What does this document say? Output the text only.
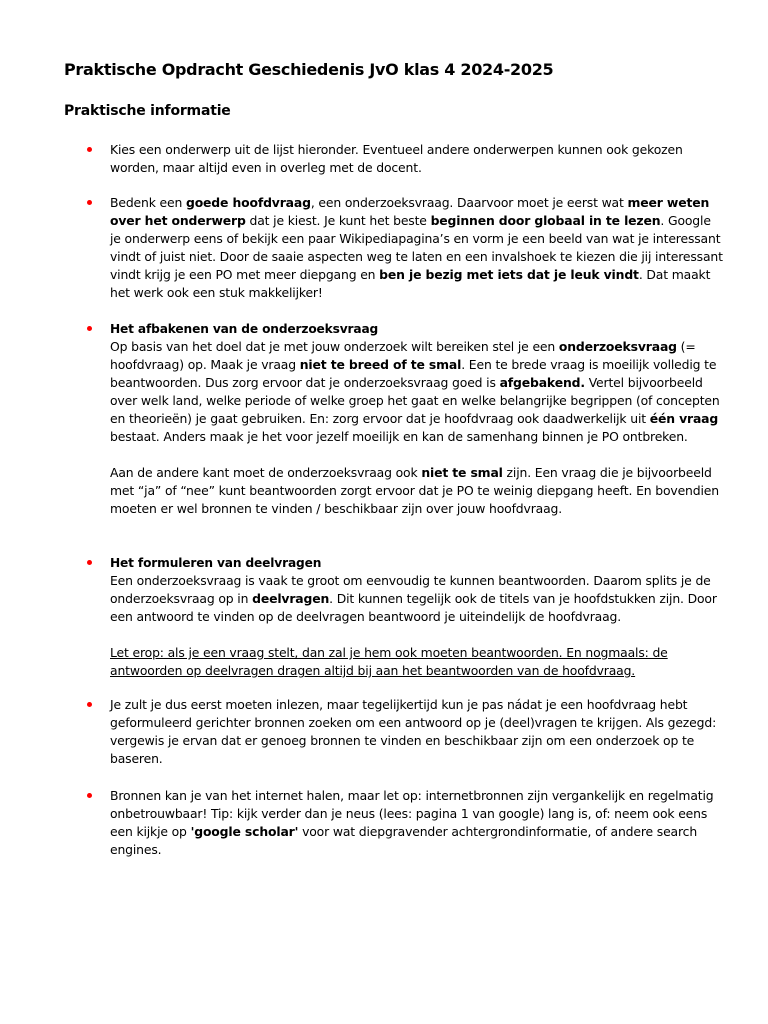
Praktische Opdracht Geschiedenis JvO klas 4 2024-2025
Praktische informatie

Kies een onderwerp uit de lijst hieronder. Eventueel andere onderwerpen kunnen ook gekozen worden, maar altijd even in overleg met de docent.

Bedenk een goede hoofdvraag, een onderzoeksvraag. Daarvoor moet je eerst wat meer weten over het onderwerp dat je kiest. Je kunt het beste beginnen door globaal in te lezen. Google je onderwerp eens of bekijk een paar Wikipediapagina’s en vorm je een beeld van wat je interessant vindt of juist niet. Door de saaie aspecten weg te laten en een invalshoek te kiezen die jij interessant vindt krijg je een PO met meer diepgang en ben je bezig met iets dat je leuk vindt. Dat maakt het werk ook een stuk makkelijker!

Het afbakenen van de onderzoeksvraag

Op basis van het doel dat je met jouw onderzoek wilt bereiken stel je een onderzoeksvraag (= hoofdvraag) op. Maak je vraag niet te breed of te smal. Een te brede vraag is moeilijk volledig te beantwoorden. Dus zorg ervoor dat je onderzoeksvraag goed is afgebakend. Vertel bijvoorbeeld over welk land, welke periode of welke groep het gaat en welke belangrijke begrippen (of concepten en theorieën) je gaat gebruiken. En: zorg ervoor dat je hoofdvraag ook daadwerkelijk uit één vraag bestaat. Anders maak je het voor jezelf moeilijk en kan de samenhang binnen je PO ontbreken.

Aan de andere kant moet de onderzoeksvraag ook niet te smal zijn. Een vraag die je bijvoorbeeld met “ja” of “nee” kunt beantwoorden zorgt ervoor dat je PO te weinig diepgang heeft. En bovendien moeten er wel bronnen te vinden / beschikbaar zijn over jouw hoofdvraag.

Het formuleren van deelvragen

Een onderzoeksvraag is vaak te groot om eenvoudig te kunnen beantwoorden. Daarom splits je de onderzoeksvraag op in deelvragen. Dit kunnen tegelijk ook de titels van je hoofdstukken zijn. Door een antwoord te vinden op de deelvragen beantwoord je uiteindelijk de hoofdvraag.

Let erop: als je een vraag stelt, dan zal je hem ook moeten beantwoorden. En nogmaals: de antwoorden op deelvragen dragen altijd bij aan het beantwoorden van de hoofdvraag.

Je zult je dus eerst moeten inlezen, maar tegelijkertijd kun je pas nádat je een hoofdvraag hebt geformuleerd gerichter bronnen zoeken om een antwoord op je (deel)vragen te krijgen. Als gezegd: vergewis je ervan dat er genoeg bronnen te vinden en beschikbaar zijn om een onderzoek op te baseren.

Bronnen kan je van het internet halen, maar let op: internetbronnen zijn vergankelijk en regelmatig onbetrouwbaar! Tip: kijk verder dan je neus (lees: pagina 1 van google) lang is, of: neem ook eens een kijkje op 'google scholar' voor wat diepgravender achtergrondinformatie, of andere search engines.
